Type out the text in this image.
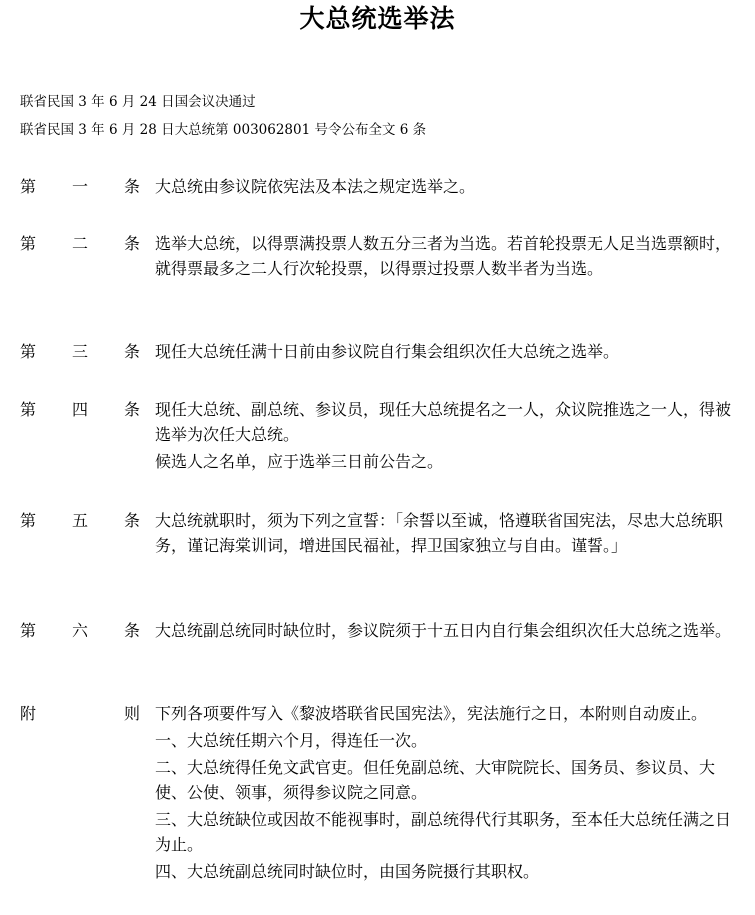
大总统选举法
联省民国 3 年 6 月 24 日国会议决通过
联省民国 3 年 6 月 28 日大总统第 003062801 号令公布全文 6 条
第	一	条 大总统由参议院依宪法及本法之规定选举之。

第	二	条 选举大总统，以得票满投票人数五分三者为当选。若首轮投票无人足当选票额时，就得票最多之二人行次轮投票，以得票过投票人数半者为当选。

第	三	条 现任大总统任满十日前由参议院自行集会组织次任大总统之选举。

第	四	条 现任大总统、副总统、参议员，现任大总统提名之一人，众议院推选之一人，得被选举为次任大总统。

候选人之名单，应于选举三日前公告之。

第	五	条 大总统就职时，须为下列之宣誓：「余誓以至诚，恪遵联省国宪法，尽忠大总统职务，谨记海棠训词，增进国民福祉，捍卫国家独立与自由。谨誓。」

第	六	条 大总统副总统同时缺位时，参议院须于十五日内自行集会组织次任大总统之选举。

附	则 下列各项要件写入《黎波塔联省民国宪法》，宪法施行之日，本附则自动废止。

一、大总统任期六个月，得连任一次。

二、大总统得任免文武官吏。但任免副总统、大审院院长、国务员、参议员、大使、公使、领事，须得参议院之同意。

三、大总统缺位或因故不能视事时，副总统得代行其职务，至本任大总统任满之日为止。

四、大总统副总统同时缺位时，由国务院摄行其职权。
